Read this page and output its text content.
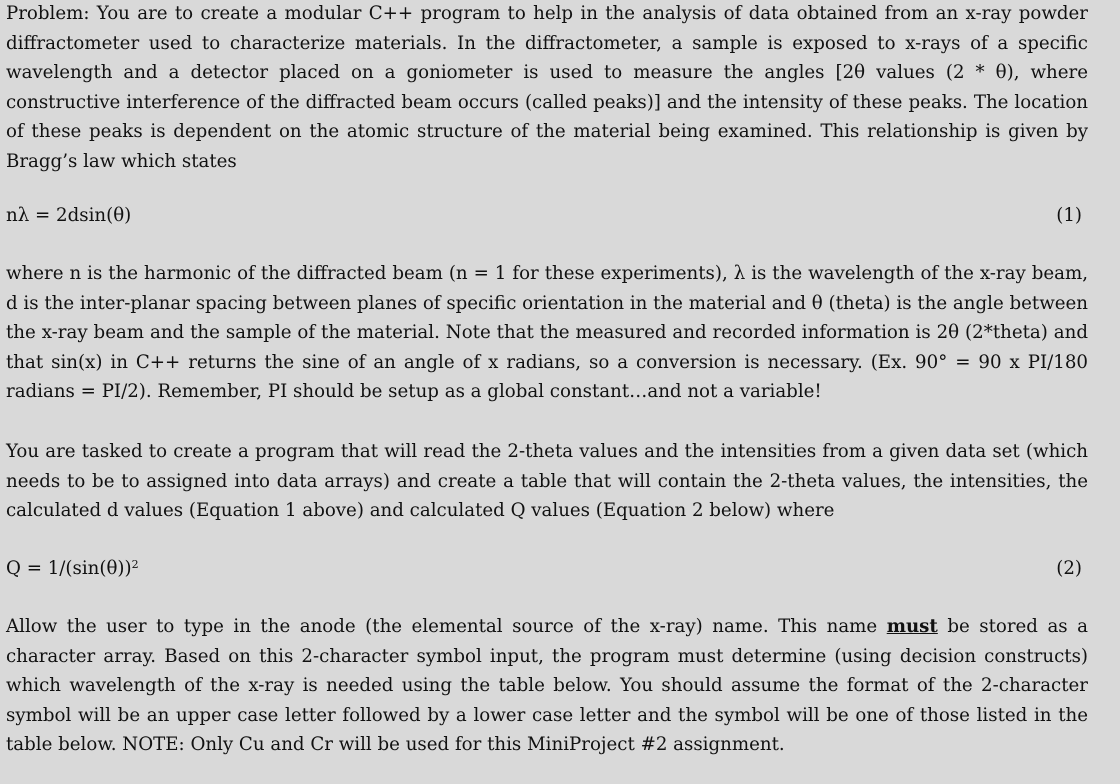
Problem: You are to create a modular C++ program to help in the analysis of data obtained from an x-ray powder diffractometer used to characterize materials. In the diffractometer, a sample is exposed to x-rays of a specific wavelength and a detector placed on a goniometer is used to measure the angles [2θ values (2 * θ), where constructive interference of the diffracted beam occurs (called peaks)] and the intensity of these peaks. The location of these peaks is dependent on the atomic structure of the material being examined. This relationship is given by Bragg’s law which states
nλ = 2dsin(θ)	(1)
where n is the harmonic of the diffracted beam (n = 1 for these experiments), λ is the wavelength of the x-ray beam, d is the inter-planar spacing between planes of specific orientation in the material and θ (theta) is the angle between the x-ray beam and the sample of the material. Note that the measured and recorded information is 2θ (2*theta) and that sin(x) in C++ returns the sine of an angle of x radians, so a conversion is necessary. (Ex. 90° = 90 x PI/180 radians = PI/2). Remember, PI should be setup as a global constant…and not a variable!
You are tasked to create a program that will read the 2-theta values and the intensities from a given data set (which needs to be to assigned into data arrays) and create a table that will contain the 2-theta values, the intensities, the calculated d values (Equation 1 above) and calculated Q values (Equation 2 below) where
$Q = 1/(\sin(\theta))^2$	(2)
Allow the user to type in the anode (the elemental source of the x-ray) name. This name must be stored as a character array. Based on this 2-character symbol input, the program must determine (using decision constructs) which wavelength of the x-ray is needed using the table below. You should assume the format of the 2-character symbol will be an upper case letter followed by a lower case letter and the symbol will be one of those listed in the table below. NOTE: Only Cu and Cr will be used for this MiniProject #2 assignment.
